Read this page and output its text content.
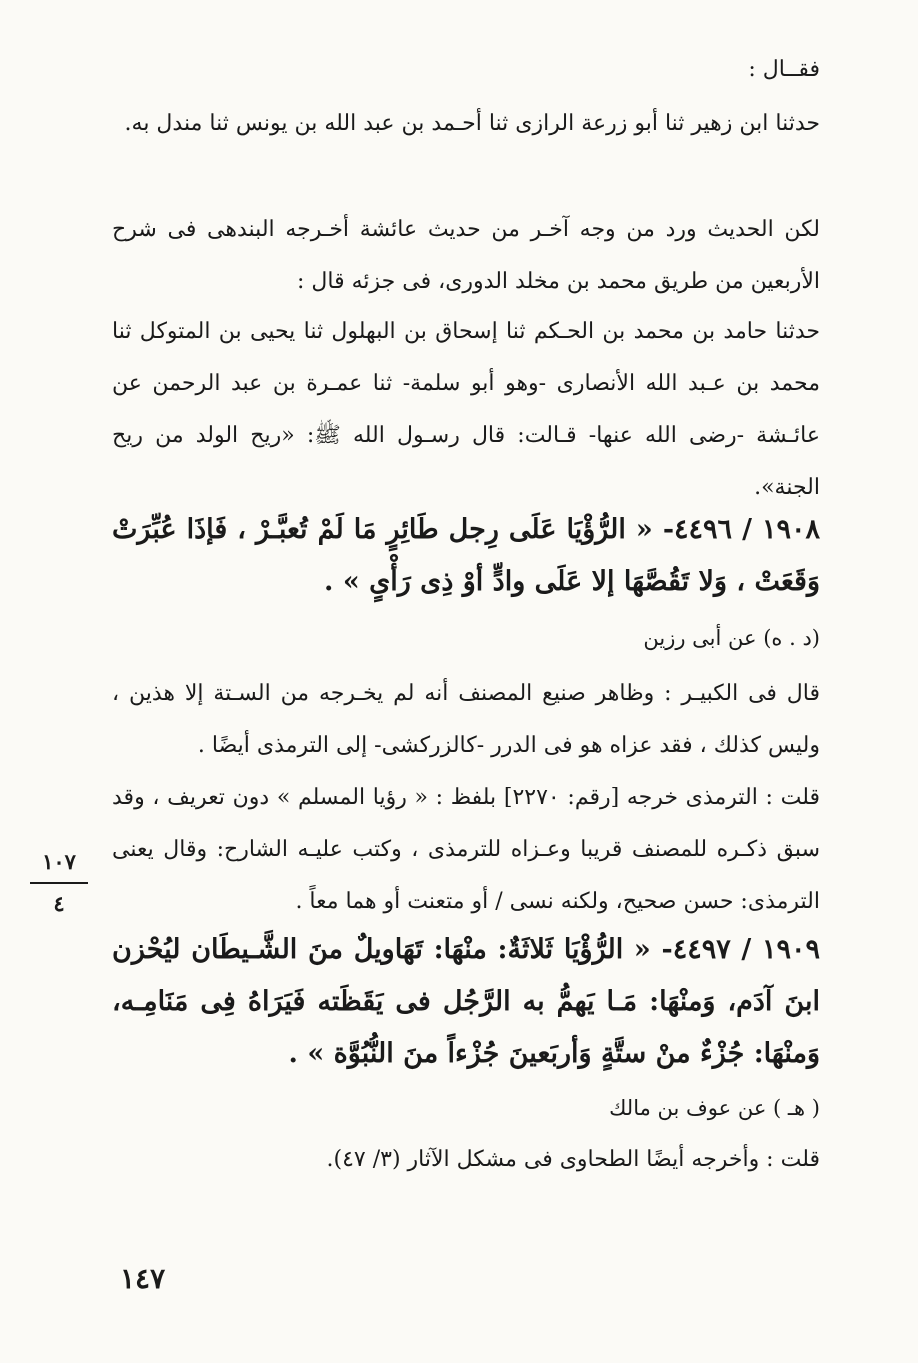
فقــال :

حدثنا ابن زهير ثنا أبو زرعة الرازى ثنا أحـمد بن عبد الله بن يونس ثنا مندل به.

لكن الحديث ورد من وجه آخـر من حديث عائشة أخـرجه البندهى فى شرح الأربعين من طريق محمد بن مخلد الدورى، فى جزئه قال :

حدثنا حامد بن محمد بن الحـكم ثنا إسحاق بن البهلول ثنا يحيى بن المتوكل ثنا محمد بن عـبد الله الأنصارى -وهو أبو سلمة- ثنا عمـرة بن عبد الرحمن عن عائـشة -رضى الله عنها- قـالت: قال رسـول الله ﷺ: «ريح الولد من ريح الجنة».

١٩٠٨ / ٤٤٩٦- « الرُّؤْيَا عَلَى رِجل طَائِرٍ مَا لَمْ تُعبَّـرْ ، فَإذَا عُبِّرَتْ وَقَعَتْ ، وَلا تَقُصَّهَا إلا عَلَى وادٍّ أوْ ذِى رَأْىٍ » .

(د . ه) عن أبى رزين

قال فى الكبيـر : وظاهر صنيع المصنف أنه لم يخـرجه من السـتة إلا هذين ، وليس كذلك ، فقد عزاه هو فى الدرر -كالزركشى- إلى الترمذى أيضًا .

قلت : الترمذى خرجه [رقم: ٢٢٧٠] بلفظ : « رؤيا المسلم » دون تعريف ، وقد سبق ذكـره للمصنف قريبا وعـزاه للترمذى ، وكتب عليـه الشارح: وقال يعنى الترمذى: حسن صحيح، ولكنه نسى / أو متعنت أو هما معاً .

١٩٠٩ / ٤٤٩٧- « الرُّؤْيَا ثَلاثَةٌ: منْهَا: تَهَاويلٌ منَ الشَّـيطَان ليُحْزن ابنَ آدَم، وَمنْهَا: مَـا يَهمُّ به الرَّجُل فى يَقَظَته فَيَرَاهُ فِى مَنَامِـه، وَمنْهَا: جُزْءٌ منْ ستَّةٍ وَأربَعينَ جُزْءاً منَ النُّبُوَّة » .

( هـ ) عن عوف بن مالك

قلت : وأخرجه أيضًا الطحاوى فى مشكل الآثار (٣/ ٤٧).

١٠٧
٤
١٤٧
